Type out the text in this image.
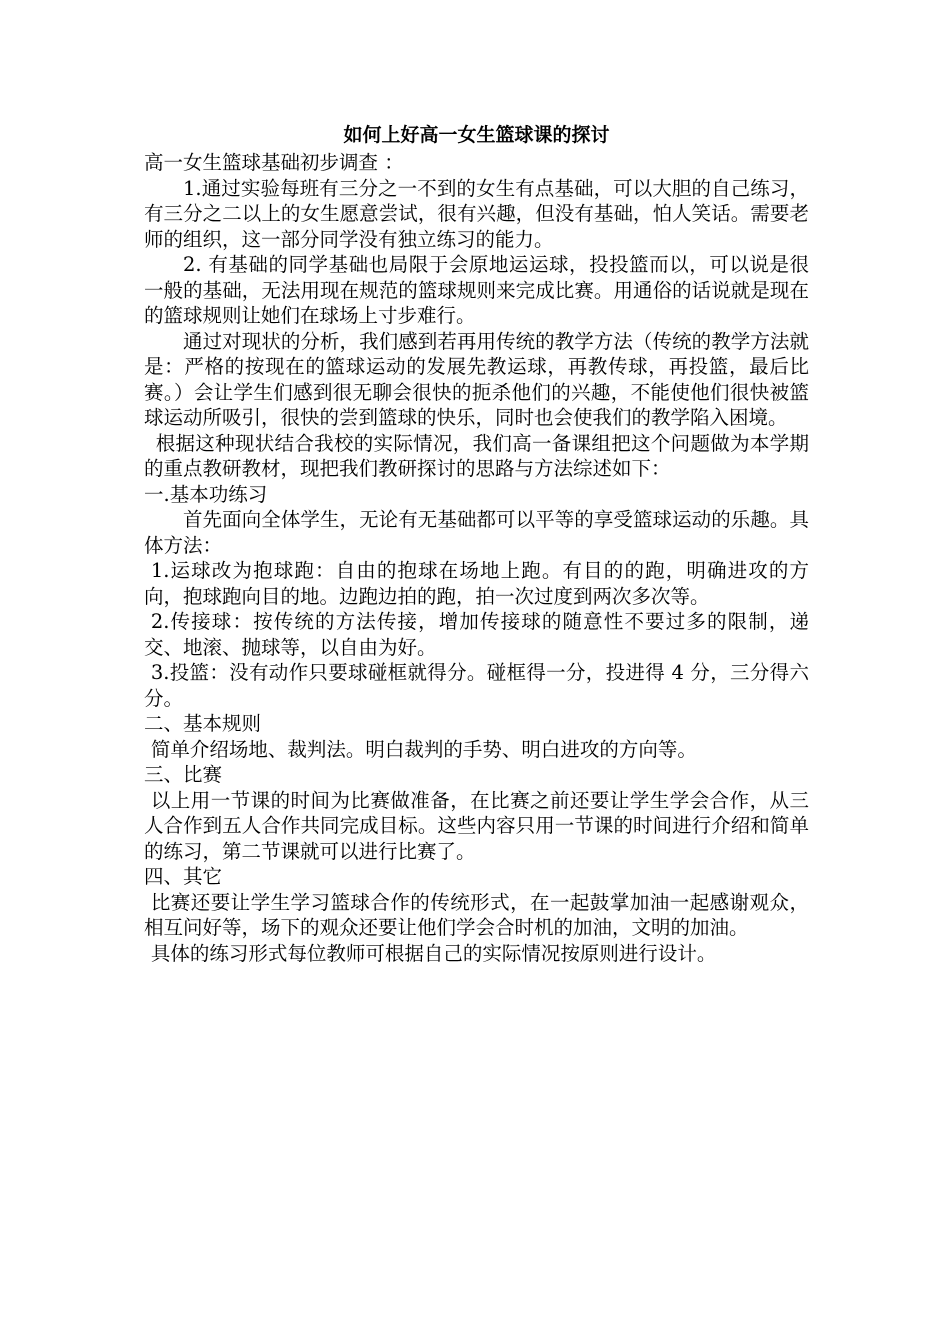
如何上好高一女生篮球课的探讨

高一女生篮球基础初步调查 ：

1.通过实验每班有三分之一不到的女生有点基础，可以大胆的自己练习，有三分之二以上的女生愿意尝试，很有兴趣，但没有基础，怕人笑话。需要老师的组织，这一部分同学没有独立练习的能力。

2. 有基础的同学基础也局限于会原地运运球，投投篮而以，可以说是很一般的基础，无法用现在规范的篮球规则来完成比赛。用通俗的话说就是现在的篮球规则让她们在球场上寸步难行。

通过对现状的分析，我们感到若再用传统的教学方法（传统的教学方法就是：严格的按现在的篮球运动的发展先教运球，再教传球，再投篮，最后比赛。）会让学生们感到很无聊会很快的扼杀他们的兴趣，不能使他们很快被篮球运动所吸引，很快的尝到篮球的快乐，同时也会使我们的教学陷入困境。

根据这种现状结合我校的实际情况，我们高一备课组把这个问题做为本学期的重点教研教材，现把我们教研探讨的思路与方法综述如下：

一.基本功练习

首先面向全体学生，无论有无基础都可以平等的享受篮球运动的乐趣。具体方法：

1.运球改为抱球跑：自由的抱球在场地上跑。有目的的跑，明确进攻的方向，抱球跑向目的地。边跑边拍的跑，拍一次过度到两次多次等。

2.传接球：按传统的方法传接，增加传接球的随意性不要过多的限制，递交、地滚、抛球等，以自由为好。

3.投篮：没有动作只要球碰框就得分。碰框得一分，投进得 4 分，三分得六分。

二、基本规则

简单介绍场地、裁判法。明白裁判的手势、明白进攻的方向等。

三、比赛

以上用一节课的时间为比赛做准备，在比赛之前还要让学生学会合作，从三人合作到五人合作共同完成目标。这些内容只用一节课的时间进行介绍和简单的练习，第二节课就可以进行比赛了。

四、其它

比赛还要让学生学习篮球合作的传统形式，在一起鼓掌加油一起感谢观众，相互问好等，场下的观众还要让他们学会合时机的加油，文明的加油。

具体的练习形式每位教师可根据自己的实际情况按原则进行设计。
